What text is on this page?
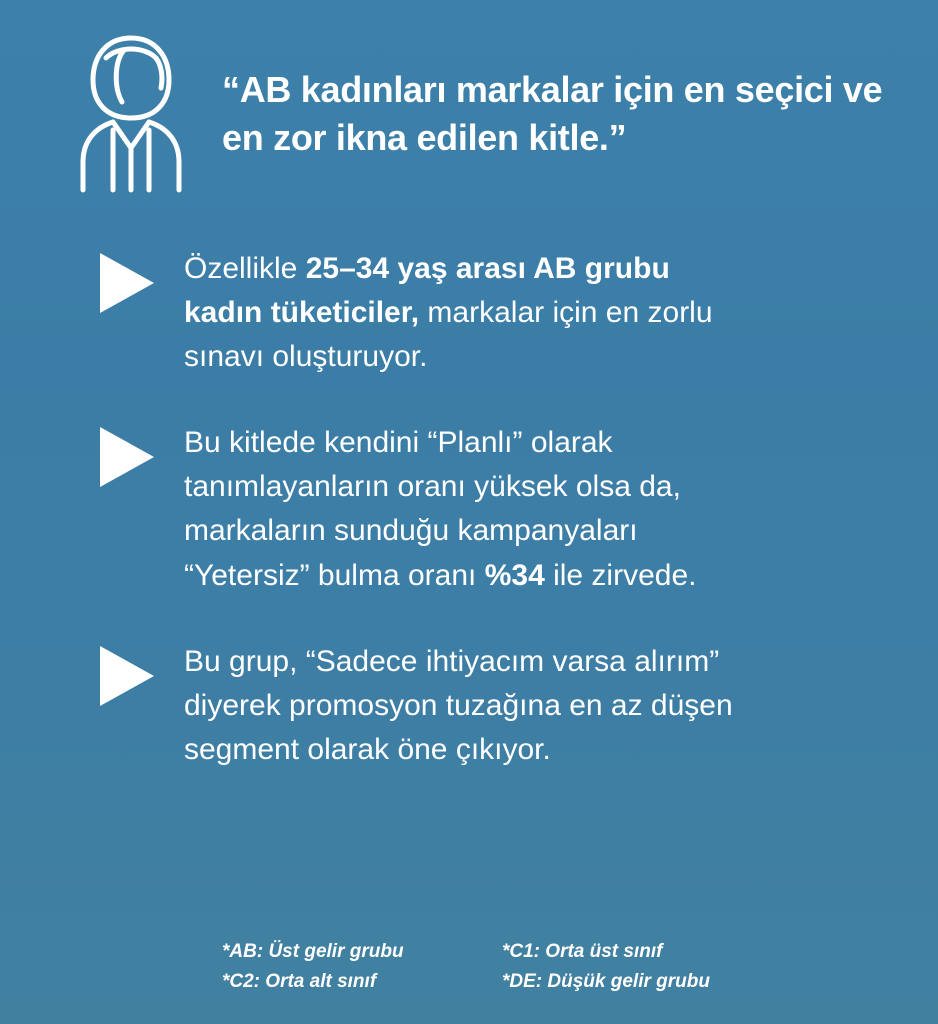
“AB kadınları markalar için en seçici ve en zor ikna edilen kitle.”
Özellikle 25–34 yaş arası AB grubu kadın tüketiciler, markalar için en zorlu sınavı oluşturuyor.
Bu kitlede kendini “Planlı” olarak tanımlayanların oranı yüksek olsa da, markaların sunduğu kampanyaları “Yetersiz” bulma oranı %34 ile zirvede.
Bu grup, “Sadece ihtiyacım varsa alırım” diyerek promosyon tuzağına en az düşen segment olarak öne çıkıyor.
*AB: Üst gelir grubu	*C1: Orta üst sınıf
*C2: Orta alt sınıf	*DE: Düşük gelir grubu
